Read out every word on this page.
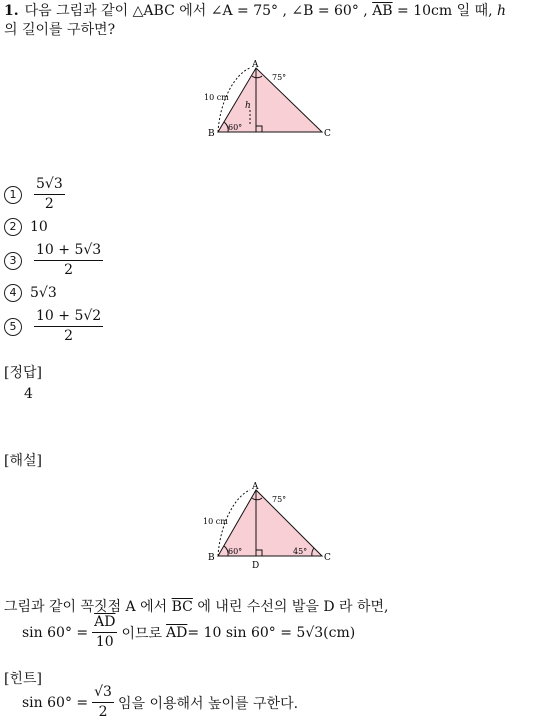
1. 다음 그림과 같이 △ABC 에서 ∠A = 75° , ∠B = 60° , $\overline{AB} = 10cm$ 일 때, h
의 길이를 구하면?
A
B	C
10 cm
75°
60°
h
1	$\frac{5√3}{2}$
2 10
3	$\frac{10 + 5√3}{2}$
4 5√3
5	$\frac{10 + 5√2}{2}$
[정답]
4
[해설]
A
B	C
D
10 cm
75°
60°	45°
그림과 같이 꼭짓점 A 에서 $\overline{BC}$ 에 내린 수선의 발을 D 라 하면,
$\sin 60^\circ = \frac{\overline{AD}}{10}$ 이므로 $\overline{AD} = 10$ sin 60° = 5√3(cm)
[힌트]
$\sin 60^\circ = \frac{√3}{2}$ 임을 이용해서 높이를 구한다.
